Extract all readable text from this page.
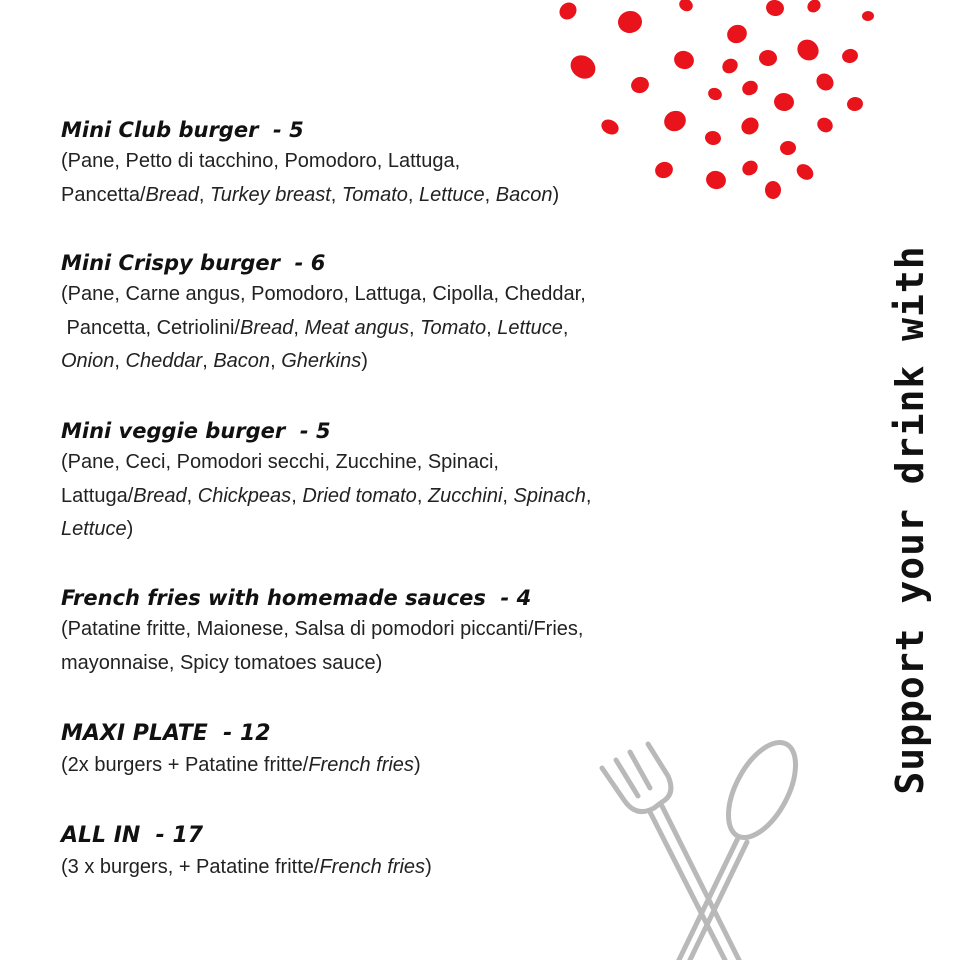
Support your drink with
Mini Club burger  - 5
(Pane, Petto di tacchino, Pomodoro, Lattuga,
Pancetta/Bread, Turkey breast, Tomato, Lettuce, Bacon)
Mini Crispy burger  - 6
(Pane, Carne angus, Pomodoro, Lattuga, Cipolla, Cheddar,
Pancetta, Cetriolini/Bread, Meat angus, Tomato, Lettuce,
Onion, Cheddar, Bacon, Gherkins)
Mini veggie burger  - 5
(Pane, Ceci, Pomodori secchi, Zucchine, Spinaci,
Lattuga/Bread, Chickpeas, Dried tomato, Zucchini, Spinach,
Lettuce)
French fries with homemade sauces  - 4
(Patatine fritte, Maionese, Salsa di pomodori piccanti/Fries,
mayonnaise, Spicy tomatoes sauce)
MAXI PLATE  - 12
(2x burgers + Patatine fritte/French fries)
ALL IN  - 17
(3 x burgers, + Patatine fritte/French fries)
